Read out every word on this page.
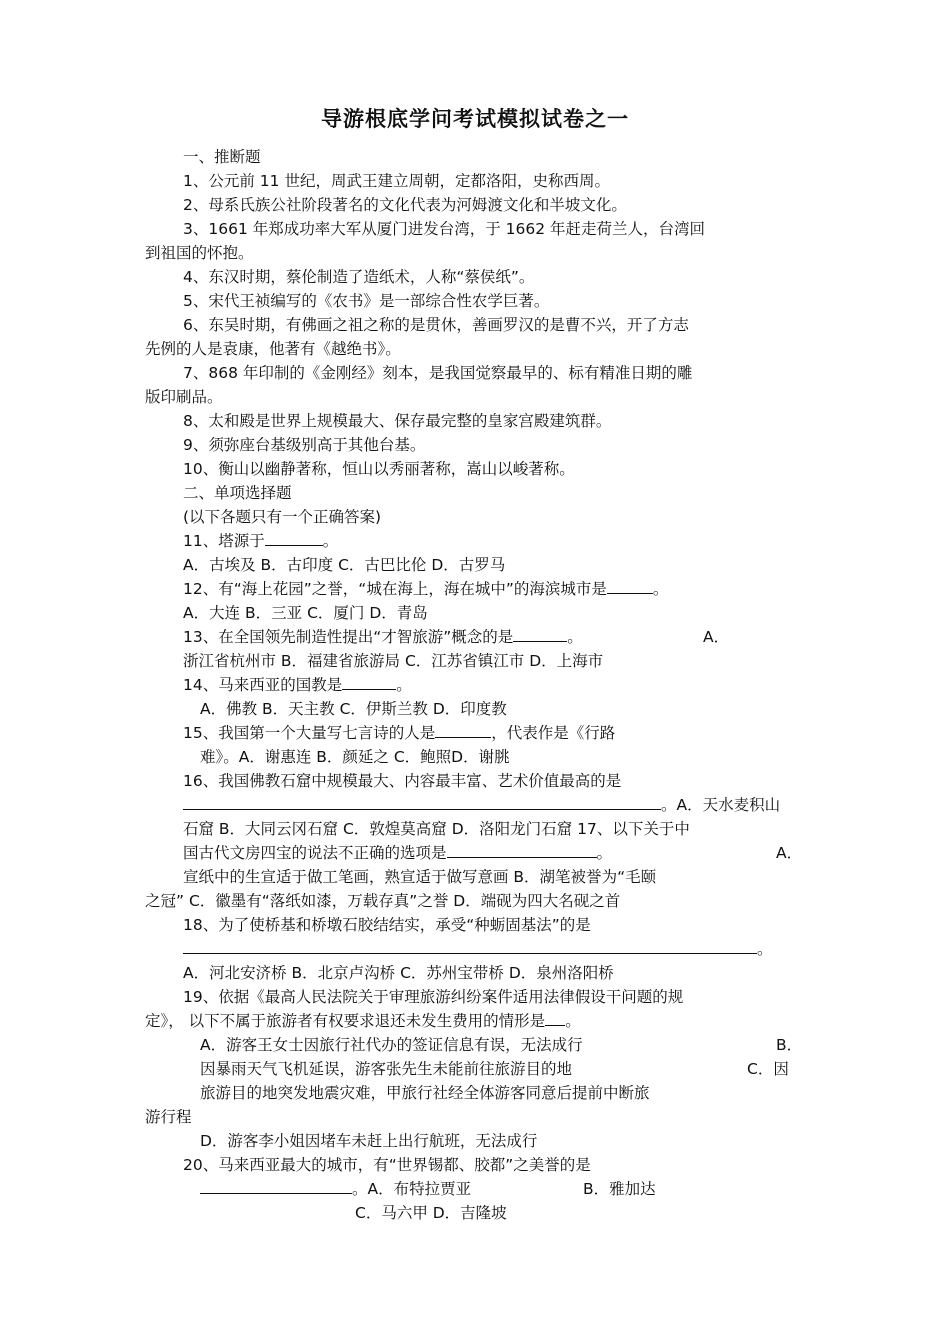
导游根底学问考试模拟试卷之一
一、推断题
1、公元前 11 世纪，周武王建立周朝，定都洛阳，史称西周。
2、母系氏族公社阶段著名的文化代表为河姆渡文化和半坡文化。
3、1661 年郑成功率大军从厦门进发台湾，于 1662 年赶走荷兰人，台湾回
到祖国的怀抱。
4、东汉时期，蔡伦制造了造纸术，人称“蔡侯纸”。
5、宋代王祯编写的《农书》是一部综合性农学巨著。
6、东吴时期，有佛画之祖之称的是贯休，善画罗汉的是曹不兴，开了方志
先例的人是袁康，他著有《越绝书》。
7、868 年印制的《金刚经》刻本，是我国觉察最早的、标有精准日期的雕
版印刷品。
8、太和殿是世界上规模最大、保存最完整的皇家宫殿建筑群。
9、须弥座台基级别高于其他台基。
10、衡山以幽静著称，恒山以秀丽著称，嵩山以峻著称。
二、单项选择题
(以下各题只有一个正确答案)
11、塔源于	。
A．古埃及 B．古印度 C．古巴比伦 D．古罗马
12、有“海上花园”之誉，“城在海上，海在城中”的海滨城市是	。
A．大连 B．三亚 C．厦门 D．青岛
13、在全国领先制造性提出“才智旅游”概念的是	。	A．
浙江省杭州市 B．福建省旅游局 C．江苏省镇江市 D．上海市
14、马来西亚的国教是	。
A．佛教 B．天主教 C．伊斯兰教 D．印度教
15、我国第一个大量写七言诗的人是	，代表作是《行路
难》。A．谢惠连 B．颜延之 C．鲍照D．谢朓
16、我国佛教石窟中规模最大、内容最丰富、艺术价值最高的是
。A．天水麦积山
石窟 B．大同云冈石窟 C．敦煌莫高窟 D．洛阳龙门石窟 17、以下关于中
国古代文房四宝的说法不正确的选项是	。	A．
宣纸中的生宣适于做工笔画，熟宣适于做写意画 B．湖笔被誉为“毛颐
之冠” C．徽墨有“落纸如漆，万载存真”之誉 D．端砚为四大名砚之首
18、为了使桥基和桥墩石胶结结实，承受“种蛎固基法”的是
。
A．河北安济桥 B．北京卢沟桥 C．苏州宝带桥 D．泉州洛阳桥
19、依据《最高人民法院关于审理旅游纠纷案件适用法律假设干问题的规
定》， 以下不属于旅游者有权要求退还未发生费用的情形是 。
A．游客王女士因旅行社代办的签证信息有误，无法成行	B．
因暴雨天气飞机延误，游客张先生未能前往旅游目的地	C．因
旅游目的地突发地震灾难，甲旅行社经全体游客同意后提前中断旅
游行程
D．游客李小姐因堵车未赶上出行航班，无法成行
20、马来西亚最大的城市，有“世界锡都、胶都”之美誉的是
。A．布特拉贾亚	B．雅加达
C．马六甲 D．吉隆坡
